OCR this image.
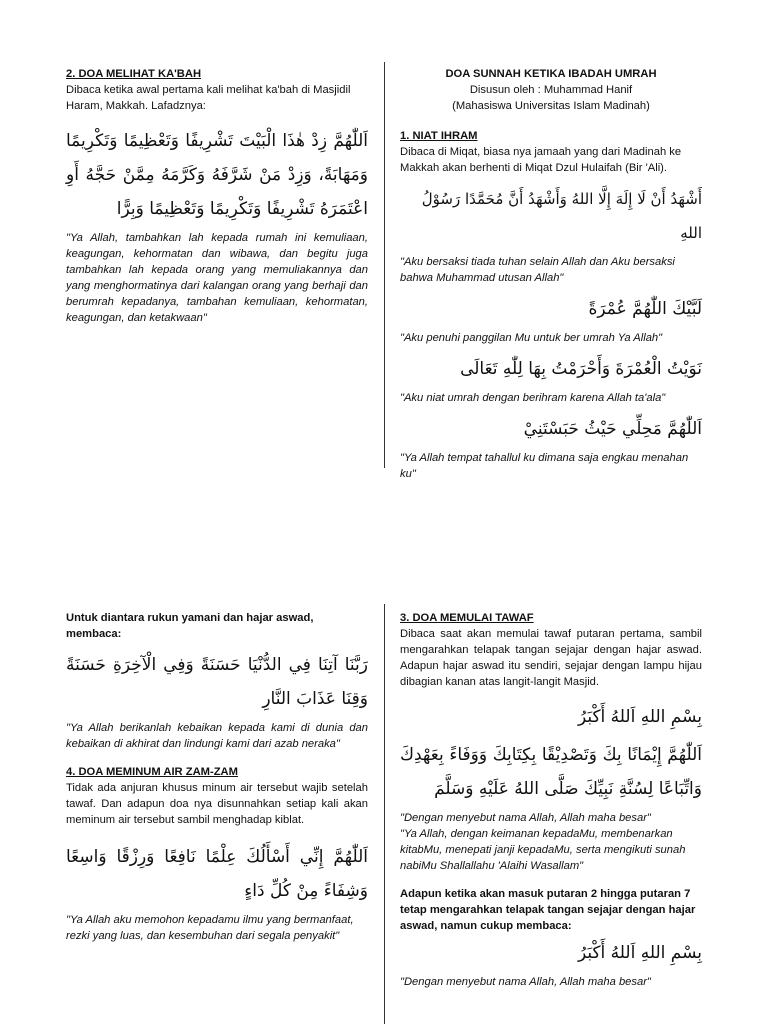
2. DOA MELIHAT KA'BAH

Dibaca ketika awal pertama kali melihat ka'bah di Masjidil Haram, Makkah. Lafadznya:

اَللّٰهُمَّ زِدْ هٰذَا الْبَيْتَ تَشْرِيفًا وَتَعْظِيمًا وَتَكْرِيمًا وَمَهَابَةً، وَزِدْ مَنْ شَرَّفَهُ وَكَرَّمَهُ مِمَّنْ حَجَّهُ أَوِ اعْتَمَرَهُ تَشْرِيفًا وَتَكْرِيمًا وَتَعْظِيمًا وَبِرًّا

"Ya Allah, tambahkan lah kepada rumah ini kemuliaan, keagungan, kehormatan dan wibawa, dan begitu juga tambahkan lah kepada orang yang memuliakannya dan yang menghormatinya dari kalangan orang yang berhaji dan berumrah kepadanya, tambahan kemuliaan, kehormatan, keagungan, dan ketakwaan"

DOA SUNNAH KETIKA IBADAH UMRAH

Disusun oleh : Muhammad Hanif

(Mahasiswa Universitas Islam Madinah)

1. NIAT IHRAM

Dibaca di Miqat, biasa nya jamaah yang dari Madinah ke Makkah akan berhenti di Miqat Dzul Hulaifah (Bir 'Ali).

أَشْهَدُ أَنْ لَا إِلَهَ إِلَّا اللهُ وَأَشْهَدُ أَنَّ مُحَمَّدًا رَسُوْلُ اللهِ

"Aku bersaksi tiada tuhan selain Allah dan Aku bersaksi bahwa Muhammad utusan Allah"

لَبَّيْكَ اللّٰهُمَّ عُمْرَةً

"Aku penuhi panggilan Mu untuk ber umrah Ya Allah"

نَوَيْتُ الْعُمْرَةَ وَأَحْرَمْتُ بِهَا لِلّٰهِ تَعَالَى

"Aku niat umrah dengan berihram karena Allah ta'ala"

اَللّٰهُمَّ مَحِلِّي حَيْثُ حَبَسْتَنِيْ

"Ya Allah tempat tahallul ku dimana saja engkau menahan ku"

Untuk diantara rukun yamani dan hajar aswad, membaca:

رَبَّنَا آتِنَا فِي الدُّنْيَا حَسَنَةً وَفِي الْآخِرَةِ حَسَنَةً وَقِنَا عَذَابَ النَّارِ

"Ya Allah berikanlah kebaikan kepada kami di dunia dan kebaikan di akhirat dan lindungi kami dari azab neraka"

4. DOA MEMINUM AIR ZAM-ZAM

Tidak ada anjuran khusus minum air tersebut wajib setelah tawaf. Dan adapun doa nya disunnahkan setiap kali akan meminum air tersebut sambil menghadap kiblat.

اَللّٰهُمَّ إِنِّي أَسْأَلُكَ عِلْمًا نَافِعًا وَرِزْقًا وَاسِعًا وَشِفَاءً مِنْ كُلِّ دَاءٍ

"Ya Allah aku memohon kepadamu ilmu yang bermanfaat, rezki yang luas, dan kesembuhan dari segala penyakit"

3. DOA MEMULAI TAWAF

Dibaca saat akan memulai tawaf putaran pertama, sambil mengarahkan telapak tangan sejajar dengan hajar aswad. Adapun hajar aswad itu sendiri, sejajar dengan lampu hijau dibagian kanan atas langit-langit Masjid.

بِسْمِ اللهِ اَللهُ أَكْبَرُ

اَللّٰهُمَّ إِيْمَانًا بِكَ وَتَصْدِيْقًا بِكِتَابِكَ وَوَفَاءً بِعَهْدِكَ وَاتِّبَاعًا لِسُنَّةِ نَبِيِّكَ صَلَّى اللهُ عَلَيْهِ وَسَلَّمَ

"Dengan menyebut nama Allah, Allah maha besar"

"Ya Allah, dengan keimanan kepadaMu, membenarkan kitabMu, menepati janji kepadaMu, serta mengikuti sunah nabiMu Shallallahu 'Alaihi Wasallam"

Adapun ketika akan masuk putaran 2 hingga putaran 7 tetap mengarahkan telapak tangan sejajar dengan hajar aswad, namun cukup membaca:

بِسْمِ اللهِ اَللهُ أَكْبَرُ

"Dengan menyebut nama Allah, Allah maha besar"
